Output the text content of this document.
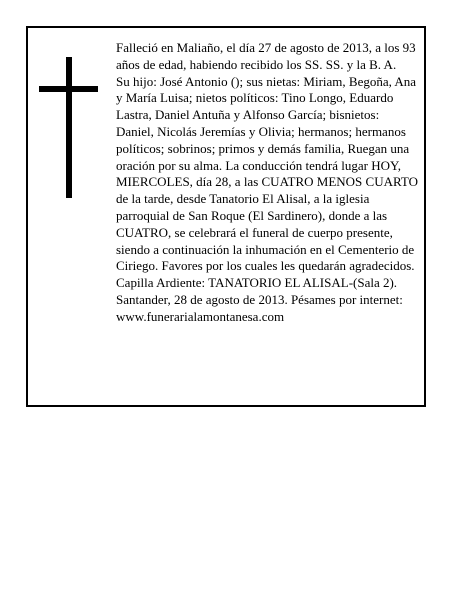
Falleció en Maliaño, el día 27 de agosto de 2013, a los 93 años de edad, habiendo recibido los SS. SS. y la B. A.

Su hijo: José Antonio (); sus nietas: Miriam, Begoña, Ana y María Luisa; nietos políticos: Tino Longo, Eduardo Lastra, Daniel Antuña y Alfonso García; bisnietos: Daniel, Nicolás Jeremías y Olivia; hermanos; hermanos políticos; sobrinos; primos y demás familia, Ruegan una oración por su alma. La conducción tendrá lugar HOY, MIERCOLES, día 28, a las CUATRO MENOS CUARTO de la tarde, desde Tanatorio El Alisal, a la iglesia parroquial de San Roque (El Sardinero), donde a las CUATRO, se celebrará el funeral de cuerpo presente, siendo a continuación la inhumación en el Cementerio de Ciriego. Favores por los cuales les quedarán agradecidos. Capilla Ardiente: TANATORIO EL ALISAL-(Sala 2).

Santander, 28 de agosto de 2013. Pésames por internet: www.funerarialamontanesa.com
